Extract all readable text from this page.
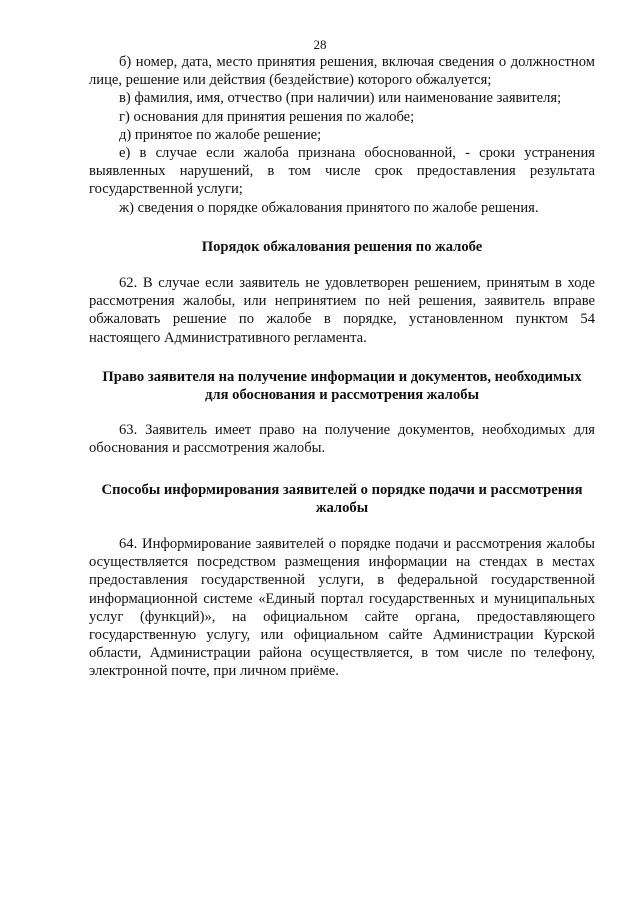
28

б) номер, дата, место принятия решения, включая сведения о должностном лице, решение или действия (бездействие) которого обжалуется;

в) фамилия, имя, отчество (при наличии) или наименование заявителя;

г) основания для принятия решения по жалобе;

д) принятое по жалобе решение;

е) в случае если жалоба признана обоснованной, - сроки устранения выявленных нарушений, в том числе срок предоставления результата государственной услуги;

ж) сведения о порядке обжалования принятого по жалобе решения.

Порядок обжалования решения по жалобе

62. В случае если заявитель не удовлетворен решением, принятым в ходе рассмотрения жалобы, или непринятием по ней решения, заявитель вправе обжаловать решение по жалобе в порядке, установленном пунктом 54 настоящего Административного регламента.

Право заявителя на получение информации и документов, необходимых для обоснования и рассмотрения жалобы

63. Заявитель имеет право на получение документов, необходимых для обоснования и рассмотрения жалобы.

Способы информирования заявителей о порядке подачи и рассмотрения жалобы

64. Информирование заявителей о порядке подачи и рассмотрения жалобы осуществляется посредством размещения информации на стендах в местах предоставления государственной услуги, в федеральной государственной информационной системе «Единый портал государственных и муниципальных услуг (функций)», на официальном сайте органа, предоставляющего государственную услугу, или официальном сайте Администрации Курской области, Администрации района осуществляется, в том числе по телефону, электронной почте, при личном приёме.
